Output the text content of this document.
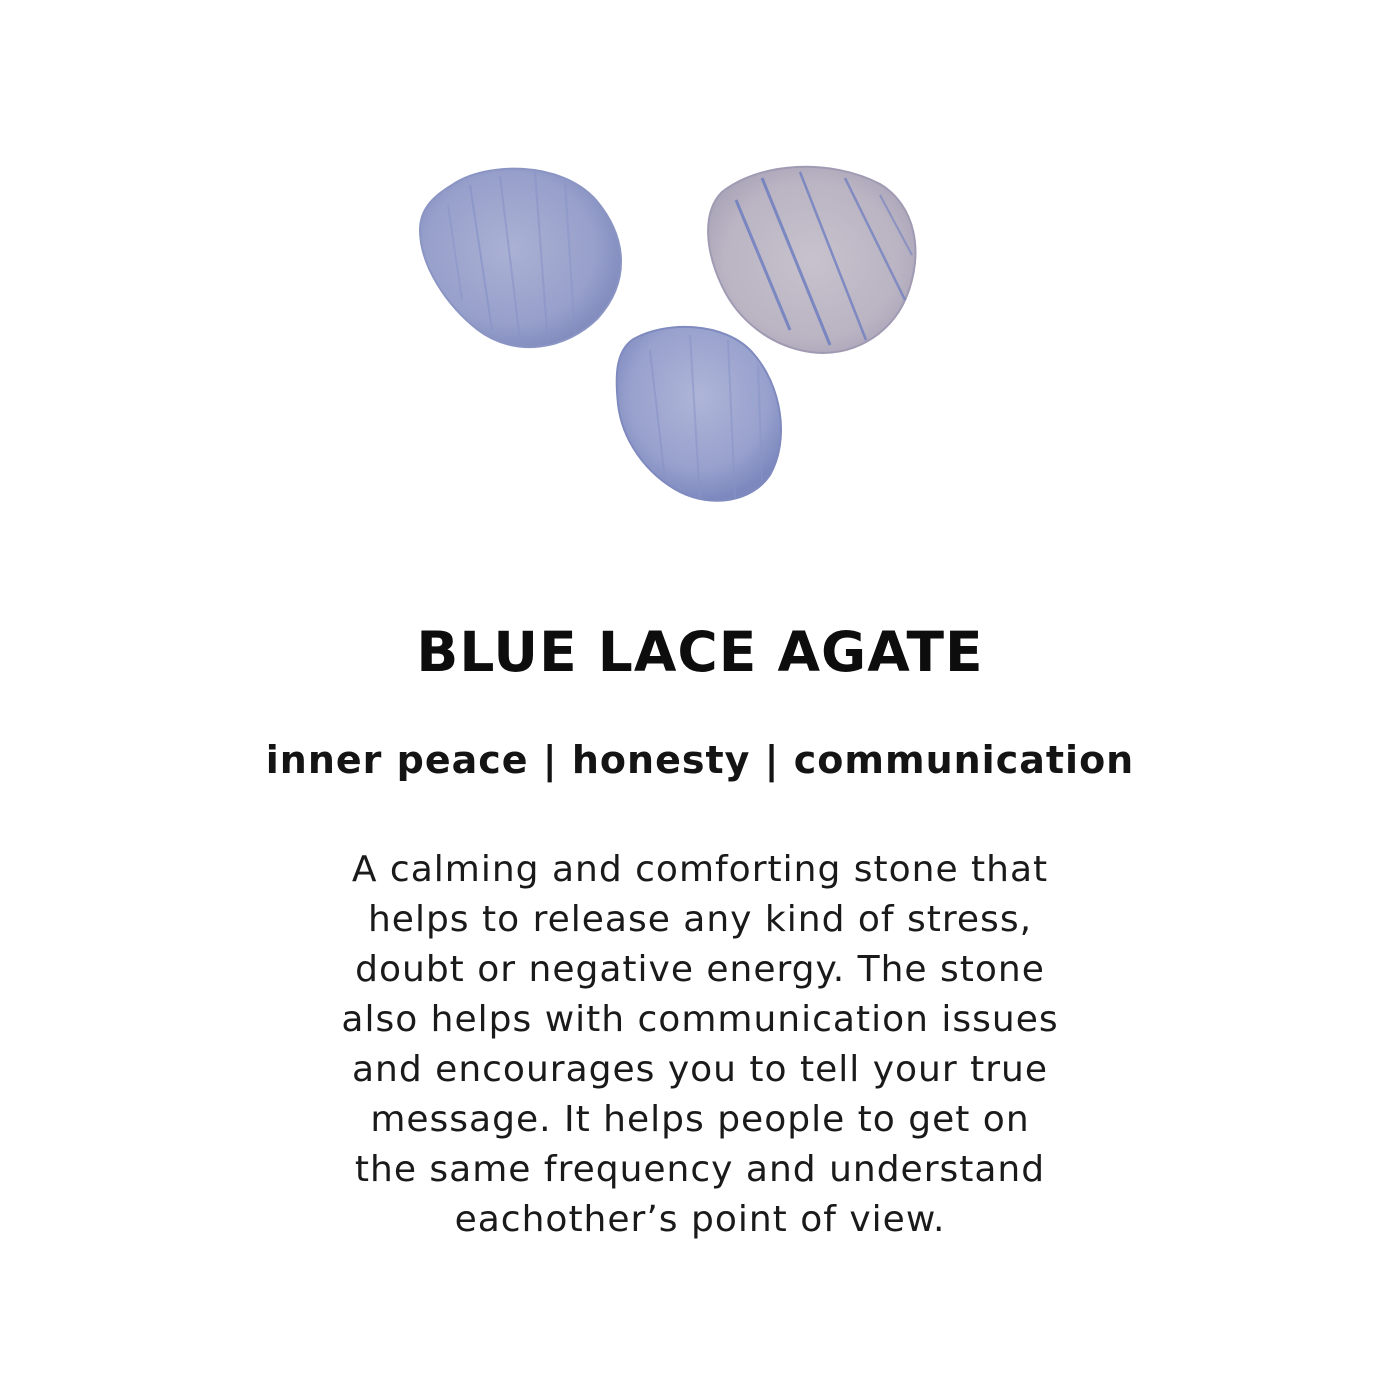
BLUE LACE AGATE
inner peace | honesty | communication
A calming and comforting stone that
helps to release any kind of stress,
doubt or negative energy. The stone
also helps with communication issues
and encourages you to tell your true
message. It helps people to get on
the same frequency and understand
eachother’s point of view.
